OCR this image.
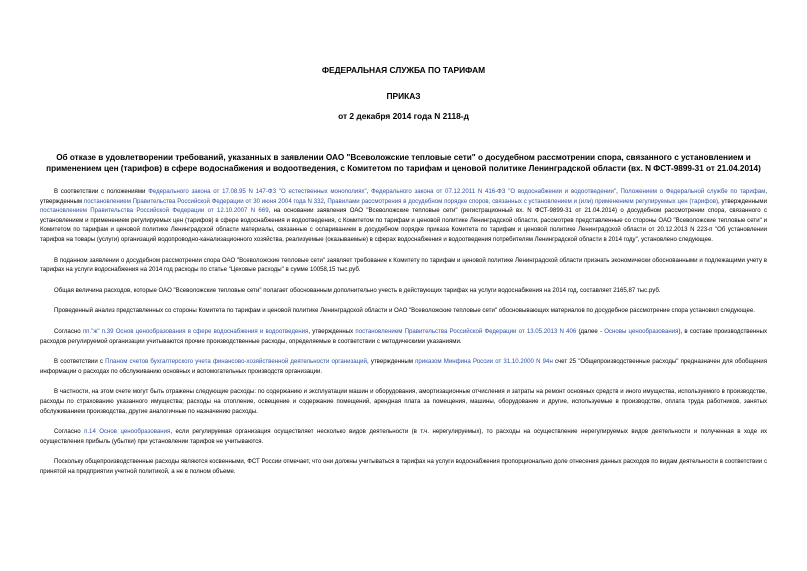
ФЕДЕРАЛЬНАЯ СЛУЖБА ПО ТАРИФАМ
ПРИКАЗ
от 2 декабря 2014 года N 2118-д
Об отказе в удовлетворении требований, указанных в заявлении ОАО "Всеволожские тепловые сети" о досудебном рассмотрении спора, связанного с установлением и применением цен (тарифов) в сфере водоснабжения и водоотведения, с Комитетом по тарифам и ценовой политике Ленинградской области (вх. N ФСТ-9899-31 от 21.04.2014)
В соответствии с положениями Федерального закона от 17.08.95 N 147-ФЗ "О естественных монополиях", Федерального закона от 07.12.2011 N 416-ФЗ "О водоснабжении и водоотведении", Положением о Федеральной службе по тарифам, утвержденным постановлением Правительства Российской Федерации от 30 июня 2004 года N 332, Правилами рассмотрения в досудебном порядке споров, связанных с установлением и (или) применением регулируемых цен (тарифов), утвержденными постановлением Правительства Российской Федерации от 12.10.2007 N 669, на основании заявления ОАО "Всеволожские тепловые сети" (регистрационный вх. N ФСТ-9899-31 от 21.04.2014) о досудебном рассмотрении спора, связанного с установлением и применением регулируемых цен (тарифов) в сфере водоснабжения и водоотведения, с Комитетом по тарифам и ценовой политике Ленинградской области, рассмотрев представленные со стороны ОАО "Всеволожские тепловые сети" и Комитетом по тарифам и ценовой политике Ленинградской области материалы, связанные с оспариванием в досудебном порядке приказа Комитета по тарифам и ценовой политике Ленинградской области от 20.12.2013 N 223-п "Об установлении тарифов на товары (услуги) организаций водопроводно-канализационного хозяйства, реализуемые (оказываемые) в сферах водоснабжения и водоотведения потребителям Ленинградской области в 2014 году", установлено следующее.
В поданном заявлении о досудебном рассмотрении спора ОАО "Всеволожские тепловые сети" заявляет требование к Комитету по тарифам и ценовой политике Ленинградской области признать экономически обоснованными и подлежащими учету в тарифах на услуги водоснабжения на 2014 год расходы по статье "Цеховые расходы" в сумме 10058,15 тыс.руб.
Общая величина расходов, которые ОАО "Всеволожские тепловые сети" полагает обоснованным дополнительно учесть в действующих тарифах на услуги водоснабжения на 2014 год, составляет 2165,87 тыс.руб.
Проведенный анализ представленных со стороны Комитета по тарифам и ценовой политике Ленинградской области и ОАО "Всеволожские тепловые сети" обосновывающих материалов по досудебное рассмотрение спора установил следующее.
Согласно пп."ж" п.39 Основ ценообразования в сфере водоснабжения и водоотведения, утвержденных постановлением Правительства Российской Федерации от 13.05.2013 N 406 (далее - Основы ценообразования), в составе производственных расходов регулируемой организации учитываются прочие производственные расходы, определяемые в соответствии с методическими указаниями.
В соответствии с Планом счетов бухгалтерского учета финансово-хозяйственной деятельности организаций, утвержденным приказом Минфина России от 31.10.2000 N 94н счет 25 "Общепроизводственные расходы" предназначен для обобщения информации о расходах по обслуживанию основных и вспомогательных производств организации.
В частности, на этом счете могут быть отражены следующие расходы: по содержанию и эксплуатации машин и оборудования, амортизационные отчисления и затраты на ремонт основных средств и иного имущества, используемого в производстве, расходы по страхованию указанного имущества; расходы на отопление, освещение и содержание помещений, арендная плата за помещения, машины, оборудование и другие, используемые в производстве, оплата труда работников, занятых обслуживанием производства, другие аналогичные по назначению расходы.
Согласно п.14 Основ ценообразования, если регулируемая организация осуществляет несколько видов деятельности (в т.ч. нерегулируемых), то расходы на осуществление нерегулируемых видов деятельности и полученная в ходе их осуществления прибыль (убытки) при установлении тарифов не учитываются.
Поскольку общепроизводственные расходы являются косвенными, ФСТ России отмечает, что они должны учитываться в тарифах на услуги водоснабжения пропорционально доле отнесения данных расходов по видам деятельности в соответствии с принятой на предприятии учетной политикой, а не в полном объеме.
